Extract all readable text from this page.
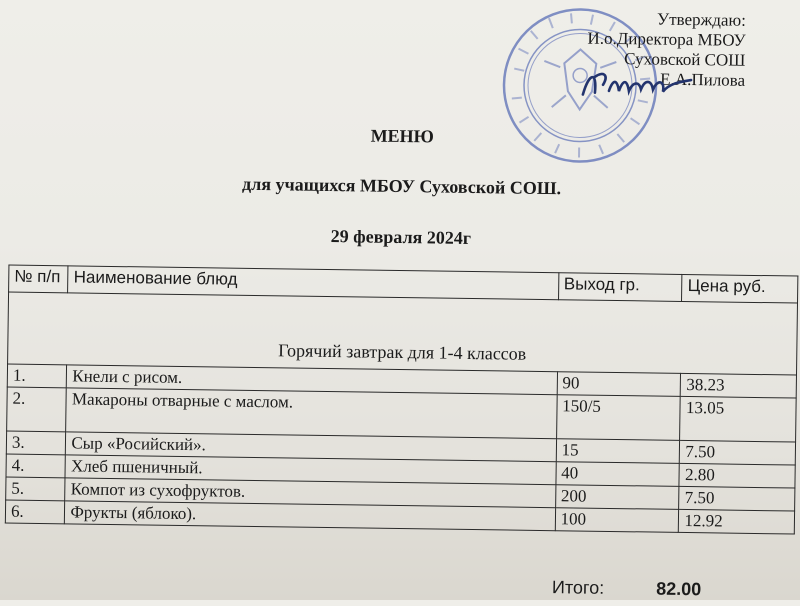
Утверждаю:
И.о.Директора МБОУ
Суховской СОШ
Е.А.Пилова
МЕНЮ
для учащихся МБОУ Суховской СОШ.
29 февраля 2024г
№ п/п	Наименование блюд	Выход гр.	Цена руб.
Горячий завтрак для 1-4 классов			
1.	Кнели с рисом.	90	38.23
2.	Макароны отварные с маслом.	150/5	13.05
3.	Сыр «Росийский».	15	7.50
4.	Хлеб пшеничный.	40	2.80
5.	Компот из сухофруктов.	200	7.50
6.	Фрукты (яблоко).	100	12.92
Итого:	82.00
